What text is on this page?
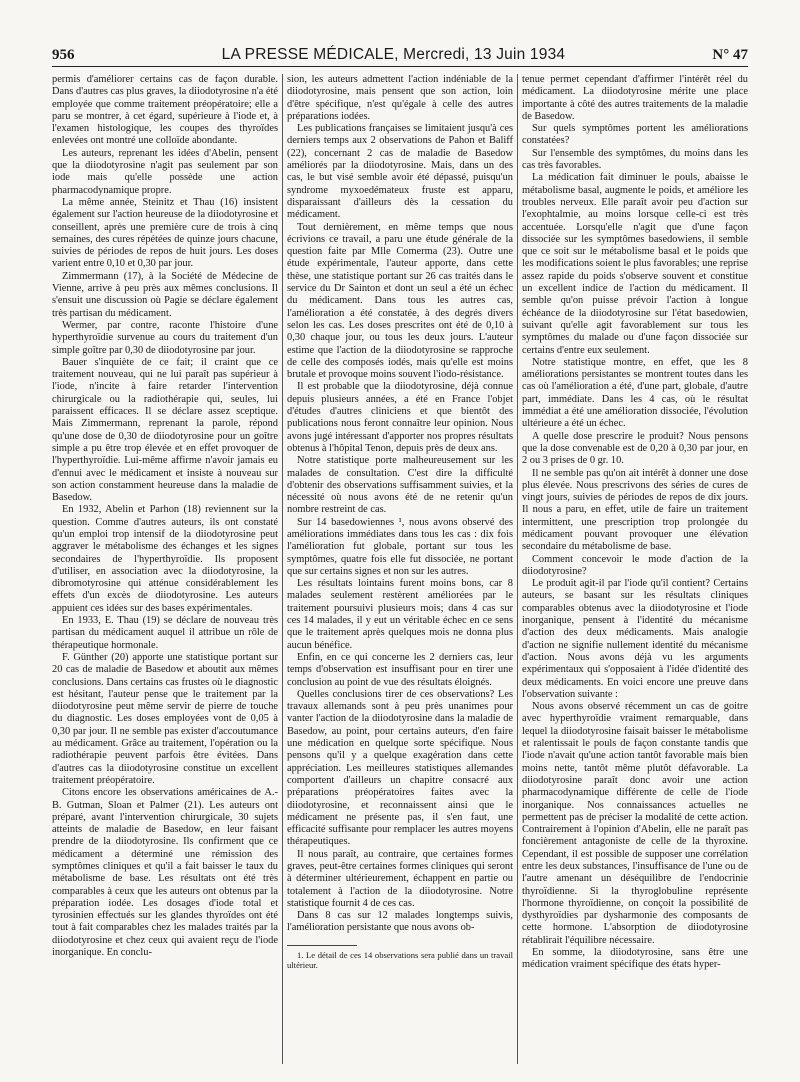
956	LA PRESSE MÉDICALE, Mercredi, 13 Juin 1934	N° 47

permis d'améliorer certains cas de façon durable. Dans d'autres cas plus graves, la diiodotyrosine n'a été employée que comme traitement préopératoire; elle a paru se montrer, à cet égard, supérieure à l'iode et, à l'examen histologique, les coupes des thyroïdes enlevées ont montré une colloïde abondante.

Les auteurs, reprenant les idées d'Abelin, pensent que la diiodotyrosine n'agit pas seulement par son iode mais qu'elle possède une action pharmacodynamique propre.

La même année, Steinitz et Thau (16) insistent également sur l'action heureuse de la diiodotyrosine et conseillent, après une première cure de trois à cinq semaines, des cures répétées de quinze jours chacune, suivies de périodes de repos de huit jours. Les doses varient entre 0,10 et 0,30 par jour.

Zimmermann (17), à la Société de Médecine de Vienne, arrive à peu près aux mêmes conclusions. Il s'ensuit une discussion où Pagie se déclare également très partisan du médicament.

Wermer, par contre, raconte l'histoire d'une hyperthyroïdie survenue au cours du traitement d'un simple goître par 0,30 de diiodotyrosine par jour.

Bauer s'inquiète de ce fait; il craint que ce traitement nouveau, qui ne lui paraît pas supérieur à l'iode, n'incite à faire retarder l'intervention chirurgicale ou la radiothérapie qui, seules, lui paraissent efficaces. Il se déclare assez sceptique. Mais Zimmermann, reprenant la parole, répond qu'une dose de 0,30 de diiodotyrosine pour un goître simple a pu être trop élevée et en effet provoquer de l'hyperthyroïdie. Lui-même affirme n'avoir jamais eu d'ennui avec le médicament et insiste à nouveau sur son action constamment heureuse dans la maladie de Basedow.

En 1932, Abelin et Parhon (18) reviennent sur la question. Comme d'autres auteurs, ils ont constaté qu'un emploi trop intensif de la diiodotyrosine peut aggraver le métabolisme des échanges et les signes secondaires de l'hyperthyroïdie. Ils proposent d'utiliser, en association avec la diiodotyrosine, la dibromotyrosine qui atténue considérablement les effets d'un excès de diiodotyrosine. Les auteurs appuient ces idées sur des bases expérimentales.

En 1933, E. Thau (19) se déclare de nouveau très partisan du médicament auquel il attribue un rôle de thérapeutique hormonale.

F. Günther (20) apporte une statistique portant sur 20 cas de maladie de Basedow et aboutit aux mêmes conclusions. Dans certains cas frustes où le diagnostic est hésitant, l'auteur pense que le traitement par la diiodotyrosine peut même servir de pierre de touche du diagnostic. Les doses employées vont de 0,05 à 0,30 par jour. Il ne semble pas exister d'accoutumance au médicament. Grâce au traitement, l'opération ou la radiothérapie peuvent parfois être évitées. Dans d'autres cas la diiodotyrosine constitue un excellent traitement préopératoire.

Citons encore les observations américaines de A.-B. Gutman, Sloan et Palmer (21). Les auteurs ont préparé, avant l'intervention chirurgicale, 30 sujets atteints de maladie de Basedow, en leur faisant prendre de la diiodotyrosine. Ils confirment que ce médicament a déterminé une rémission des symptômes cliniques et qu'il a fait baisser le taux du métabolisme de base. Les résultats ont été très comparables à ceux que les auteurs ont obtenus par la préparation iodée. Les dosages d'iode total et tyrosinien effectués sur les glandes thyroïdes ont été tout à fait comparables chez les malades traités par la diiodotyrosine et chez ceux qui avaient reçu de l'iode inorganique. En conclu-

sion, les auteurs admettent l'action indéniable de la diiodotyrosine, mais pensent que son action, loin d'être spécifique, n'est qu'égale à celle des autres préparations iodées.

Les publications françaises se limitaient jusqu'à ces derniers temps aux 2 observations de Pahon et Baliff (22), concernant 2 cas de maladie de Basedow améliorés par la diiodotyrosine. Mais, dans un des cas, le but visé semble avoir été dépassé, puisqu'un syndrome myxoedémateux fruste est apparu, disparaissant d'ailleurs dès la cessation du médicament.

Tout dernièrement, en même temps que nous écrivions ce travail, a paru une étude générale de la question faite par Mlle Comerma (23). Outre une étude expérimentale, l'auteur apporte, dans cette thèse, une statistique portant sur 26 cas traités dans le service du Dr Sainton et dont un seul a été un échec du médicament. Dans tous les autres cas, l'amélioration a été constatée, à des degrés divers selon les cas. Les doses prescrites ont été de 0,10 à 0,30 chaque jour, ou tous les deux jours. L'auteur estime que l'action de la diiodotyrosine se rapproche de celle des composés iodés, mais qu'elle est moins brutale et provoque moins souvent l'iodo-résistance.

Il est probable que la diiodotyrosine, déjà connue depuis plusieurs années, a été en France l'objet d'études d'autres cliniciens et que bientôt des publications nous feront connaître leur opinion. Nous avons jugé intéressant d'apporter nos propres résultats obtenus à l'hôpital Tenon, depuis près de deux ans.

Notre statistique porte malheureusement sur les malades de consultation. C'est dire la difficulté d'obtenir des observations suffisamment suivies, et la nécessité où nous avons été de ne retenir qu'un nombre restreint de cas.

Sur 14 basedowiennes ¹, nous avons observé des améliorations immédiates dans tous les cas : dix fois l'amélioration fut globale, portant sur tous les symptômes, quatre fois elle fut dissociée, ne portant que sur certains signes et non sur les autres.

Les résultats lointains furent moins bons, car 8 malades seulement restèrent améliorées par le traitement poursuivi plusieurs mois; dans 4 cas sur ces 14 malades, il y eut un véritable échec en ce sens que le traitement après quelques mois ne donna plus aucun bénéfice.

Enfin, en ce qui concerne les 2 derniers cas, leur temps d'observation est insuffisant pour en tirer une conclusion au point de vue des résultats éloignés.

Quelles conclusions tirer de ces observations? Les travaux allemands sont à peu près unanimes pour vanter l'action de la diiodotyrosine dans la maladie de Basedow, au point, pour certains auteurs, d'en faire une médication en quelque sorte spécifique. Nous pensons qu'il y a quelque exagération dans cette appréciation. Les meilleures statistiques allemandes comportent d'ailleurs un chapitre consacré aux préparations préopératoires faites avec la diiodotyrosine, et reconnaissent ainsi que le médicament ne présente pas, il s'en faut, une efficacité suffisante pour remplacer les autres moyens thérapeutiques.

Il nous paraît, au contraire, que certaines formes graves, peut-être certaines formes cliniques qui seront à déterminer ultérieurement, échappent en partie ou totalement à l'action de la diiodotyrosine. Notre statistique fournit 4 de ces cas.

Dans 8 cas sur 12 malades longtemps suivis, l'amélioration persistante que nous avons ob-

1. Le détail de ces 14 observations sera publié dans un travail ultérieur.

tenue permet cependant d'affirmer l'intérêt réel du médicament. La diiodotyrosine mérite une place importante à côté des autres traitements de la maladie de Basedow.

Sur quels symptômes portent les améliorations constatées?

Sur l'ensemble des symptômes, du moins dans les cas très favorables.

La médication fait diminuer le pouls, abaisse le métabolisme basal, augmente le poids, et améliore les troubles nerveux. Elle paraît avoir peu d'action sur l'exophtalmie, au moins lorsque celle-ci est très accentuée. Lorsqu'elle n'agit que d'une façon dissociée sur les symptômes basedowiens, il semble que ce soit sur le métabolisme basal et le poids que les modifications soient le plus favorables; une reprise assez rapide du poids s'observe souvent et constitue un excellent indice de l'action du médicament. Il semble qu'on puisse prévoir l'action à longue échéance de la diiodotyrosine sur l'état basedowien, suivant qu'elle agit favorablement sur tous les symptômes du malade ou d'une façon dissociée sur certains d'entre eux seulement.

Notre statistique montre, en effet, que les 8 améliorations persistantes se montrent toutes dans les cas où l'amélioration a été, d'une part, globale, d'autre part, immédiate. Dans les 4 cas, où le résultat immédiat a été une amélioration dissociée, l'évolution ultérieure a été un échec.

A quelle dose prescrire le produit? Nous pensons que la dose convenable est de 0,20 à 0,30 par jour, en 2 ou 3 prises de 0 gr. 10.

Il ne semble pas qu'on ait intérêt à donner une dose plus élevée. Nous prescrivons des séries de cures de vingt jours, suivies de périodes de repos de dix jours. Il nous a paru, en effet, utile de faire un traitement intermittent, une prescription trop prolongée du médicament pouvant provoquer une élévation secondaire du métabolisme de base.

Comment concevoir le mode d'action de la diiodotyrosine?

Le produit agit-il par l'iode qu'il contient? Certains auteurs, se basant sur les résultats cliniques comparables obtenus avec la diiodotyrosine et l'iode inorganique, pensent à l'identité du mécanisme d'action des deux médicaments. Mais analogie d'action ne signifie nullement identité du mécanisme d'action. Nous avons déjà vu les arguments expérimentaux qui s'opposaient à l'idée d'identité des deux médicaments. En voici encore une preuve dans l'observation suivante :

Nous avons observé récemment un cas de goitre avec hyperthyroïdie vraiment remarquable, dans lequel la diiodotyrosine faisait baisser le métabolisme et ralentissait le pouls de façon constante tandis que l'iode n'avait qu'une action tantôt favorable mais bien moins nette, tantôt même plutôt défavorable. La diiodotyrosine paraît donc avoir une action pharmacodynamique différente de celle de l'iode inorganique. Nos connaissances actuelles ne permettent pas de préciser la modalité de cette action. Contrairement à l'opinion d'Abelin, elle ne paraît pas foncièrement antagoniste de celle de la thyroxine. Cependant, il est possible de supposer une corrélation entre les deux substances, l'insuffisance de l'une ou de l'autre amenant un déséquilibre de l'endocrinie thyroïdienne. Si la thyroglobuline représente l'hormone thyroïdienne, on conçoit la possibilité de dysthyroïdies par dysharmonie des composants de cette hormone. L'absorption de diiodotyrosine rétablirait l'équilibre nécessaire.

En somme, la diiodotyrosine, sans être une médication vraiment spécifique des états hyper-
